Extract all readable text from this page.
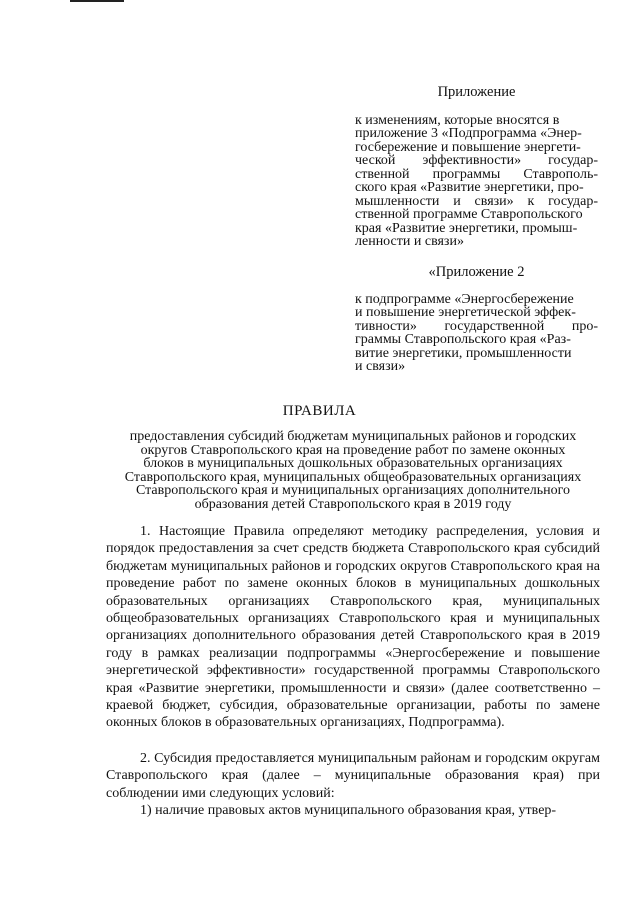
Приложение
к изменениям, которые вносятся в
приложение 3 «Подпрограмма «Энер-
госбережение и повышение энергети-
ческой эффективности» государ-
ственной программы Ставрополь-
ского края «Развитие энергетики, про-
мышленности и связи» к государ-
ственной программе Ставропольского
края «Развитие энергетики, промыш-
ленности и связи»
«Приложение 2
к подпрограмме «Энергосбережение
и повышение энергетической эффек-
тивности» государственной про-
граммы Ставропольского края «Раз-
витие энергетики, промышленности
и связи»
ПРАВИЛА
предоставления субсидий бюджетам муниципальных районов и городских
округов Ставропольского края на проведение работ по замене оконных
блоков в муниципальных дошкольных образовательных организациях
Ставропольского края, муниципальных общеобразовательных организациях
Ставропольского края и муниципальных организациях дополнительного
образования детей Ставропольского края в 2019 году

1. Настоящие Правила определяют методику распределения, условия и порядок предоставления за счет средств бюджета Ставропольского края субсидий бюджетам муниципальных районов и городских округов Ставропольского края на проведение работ по замене оконных блоков в муниципальных дошкольных образовательных организациях Ставропольского края, муниципальных общеобразовательных организациях Ставропольского края и муниципальных организациях дополнительного образования детей Ставропольского края в 2019 году в рамках реализации подпрограммы «Энергосбережение и повышение энергетической эффективности» государственной программы Ставропольского края «Развитие энергетики, промышленности и связи» (далее соответственно – краевой бюджет, субсидия, образовательные организации, работы по замене оконных блоков в образовательных организациях, Подпрограмма).

2. Субсидия предоставляется муниципальным районам и городским округам Ставропольского края (далее – муниципальные образования края) при соблюдении ими следующих условий:

1) наличие правовых актов муниципального образования края, утвер-
